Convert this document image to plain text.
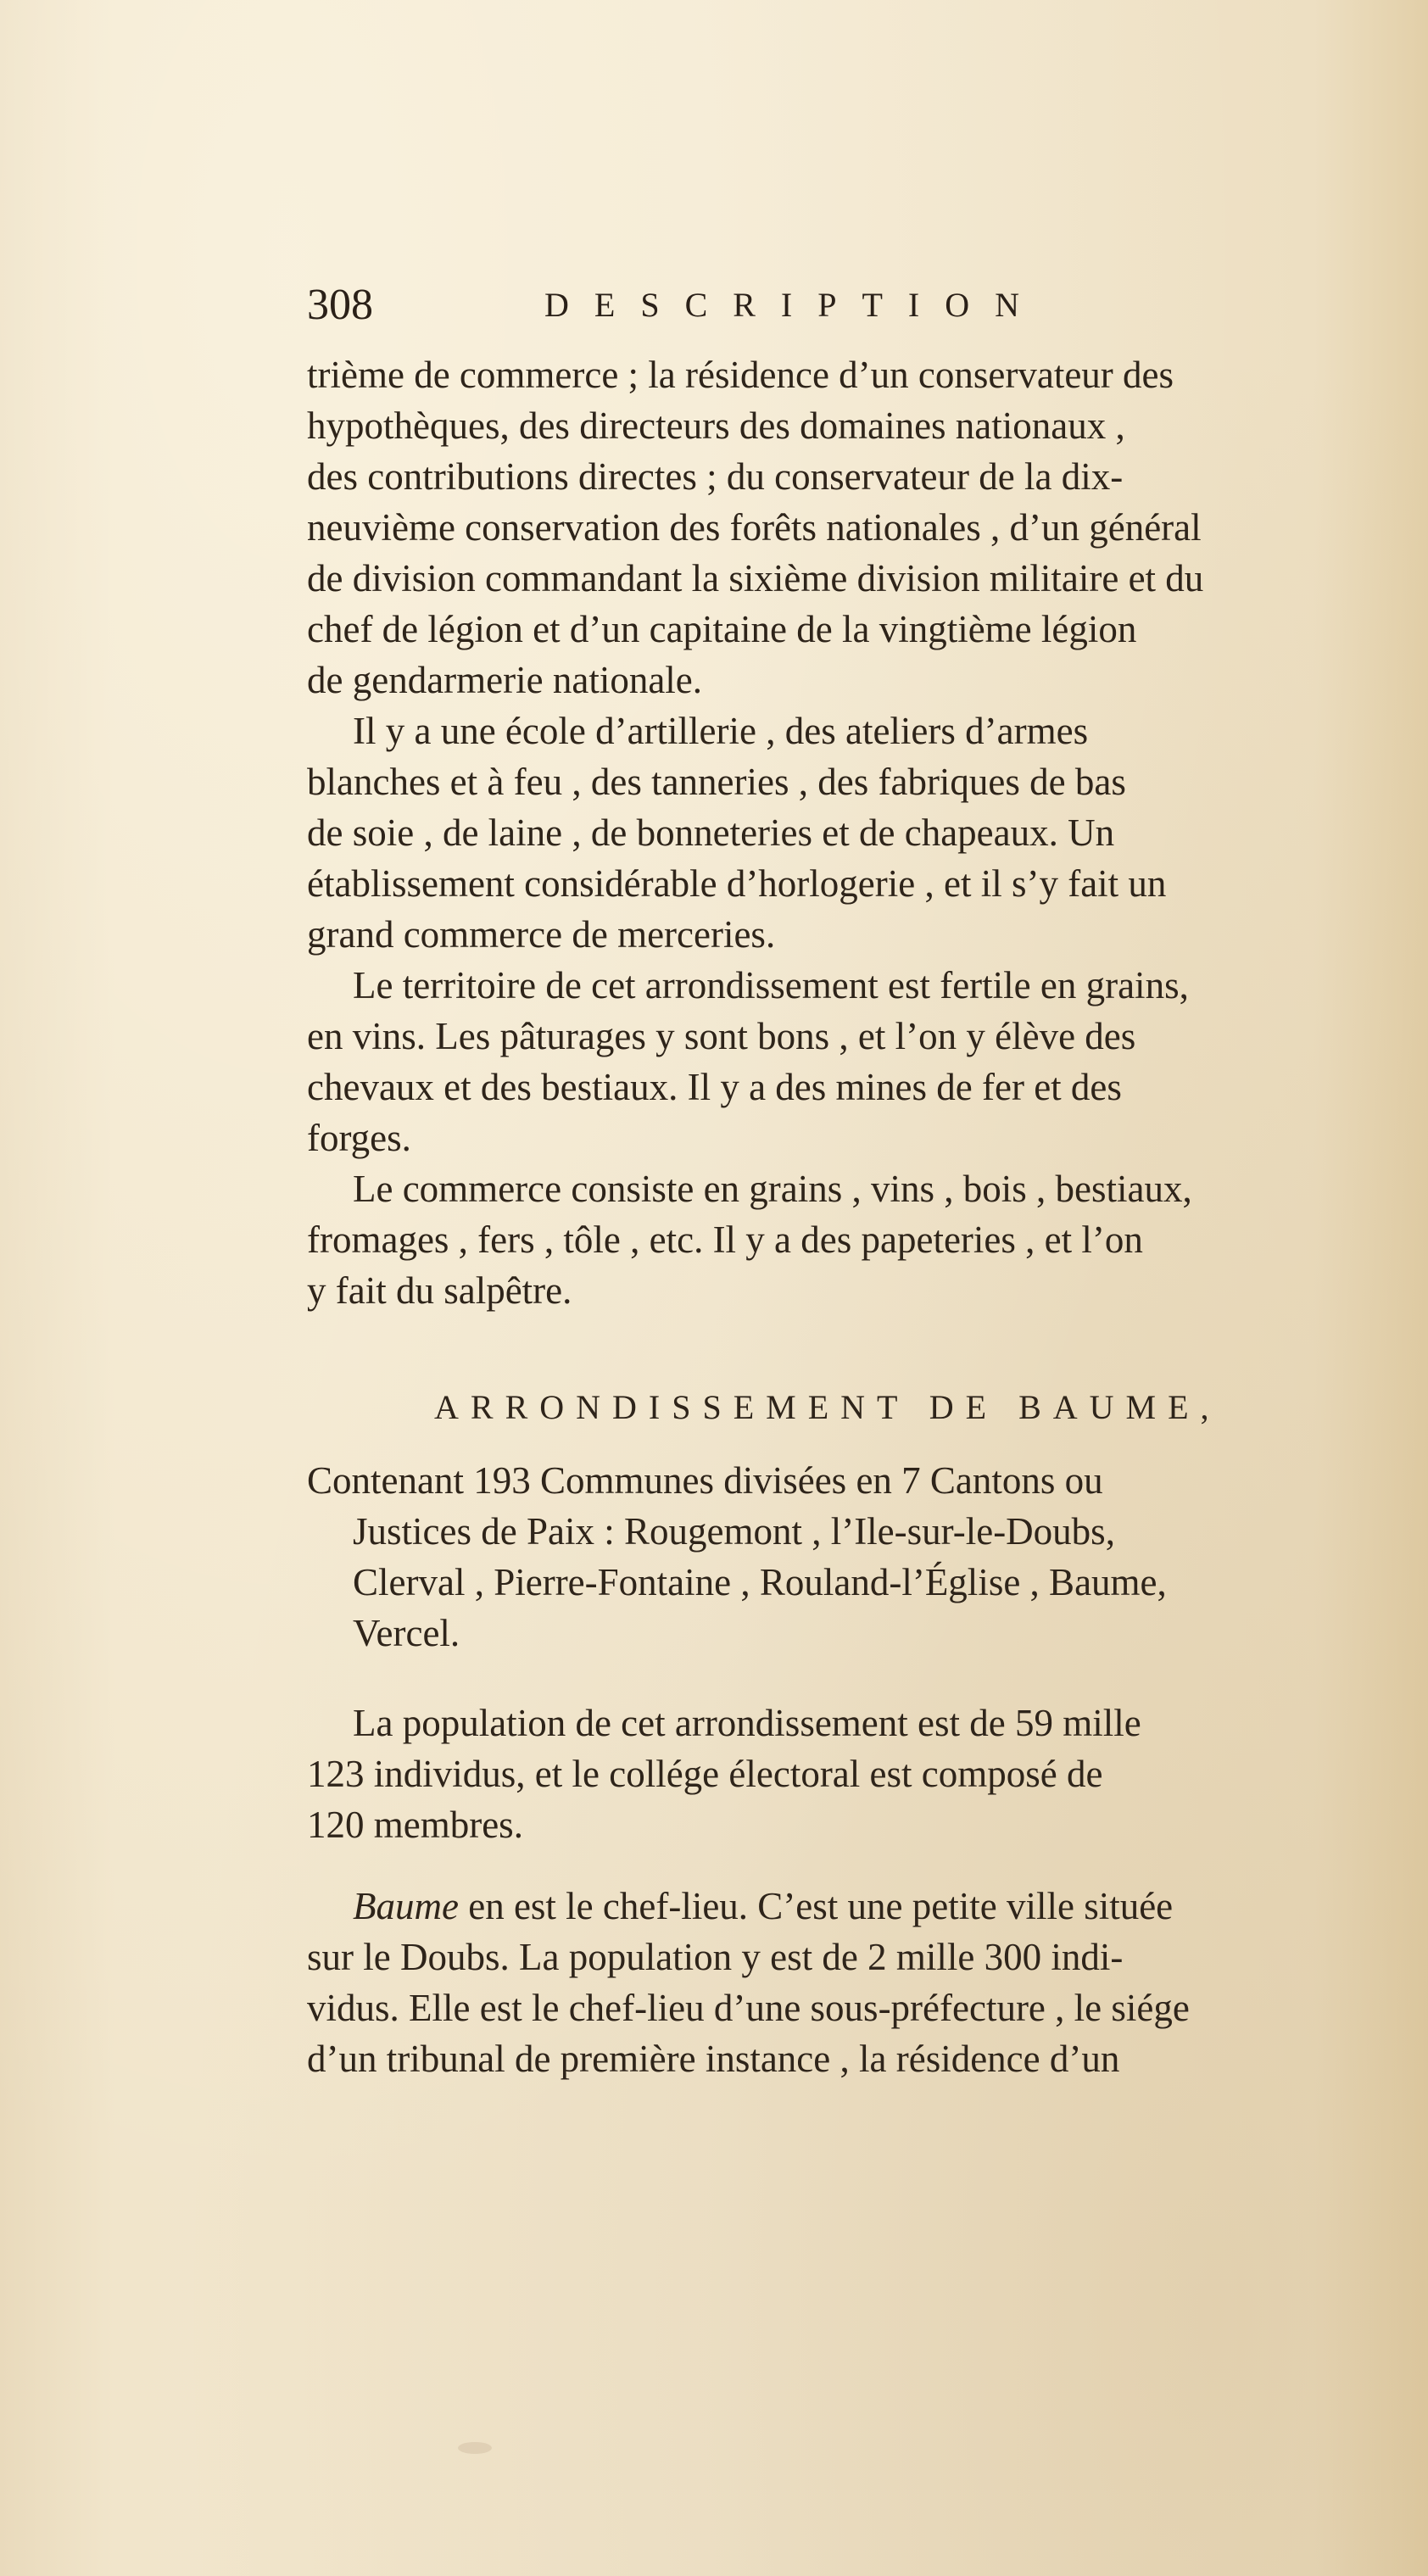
308	DESCRIPTION
trième de commerce ; la résidence d’un conservateur des
hypothèques, des directeurs des domaines nationaux ,
des contributions directes ; du conservateur de la dix-
neuvième conservation des forêts nationales , d’un général
de division commandant la sixième division militaire et du
chef de légion et d’un capitaine de la vingtième légion
de gendarmerie nationale.
Il y a une école d’artillerie , des ateliers d’armes
blanches et à feu , des tanneries , des fabriques de bas
de soie , de laine , de bonneteries et de chapeaux. Un
établissement considérable d’horlogerie , et il s’y fait un
grand commerce de merceries.
Le territoire de cet arrondissement est fertile en grains,
en vins. Les pâturages y sont bons , et l’on y élève des
chevaux et des bestiaux. Il y a des mines de fer et des
forges.
Le commerce consiste en grains , vins , bois , bestiaux,
fromages , fers , tôle , etc. Il y a des papeteries , et l’on
y fait du salpêtre.
ARRONDISSEMENT DE BAUME,
Contenant 193 Communes divisées en 7 Cantons ou
Justices de Paix : Rougemont , l’Ile-sur-le-Doubs,
Clerval , Pierre-Fontaine , Rouland-l’Église , Baume,
Vercel.
La population de cet arrondissement est de 59 mille
123 individus, et le collége électoral est composé de
120 membres.
Baume en est le chef-lieu. C’est une petite ville située
sur le Doubs. La population y est de 2 mille 300 indi-
vidus. Elle est le chef-lieu d’une sous-préfecture , le siége
d’un tribunal de première instance , la résidence d’un
